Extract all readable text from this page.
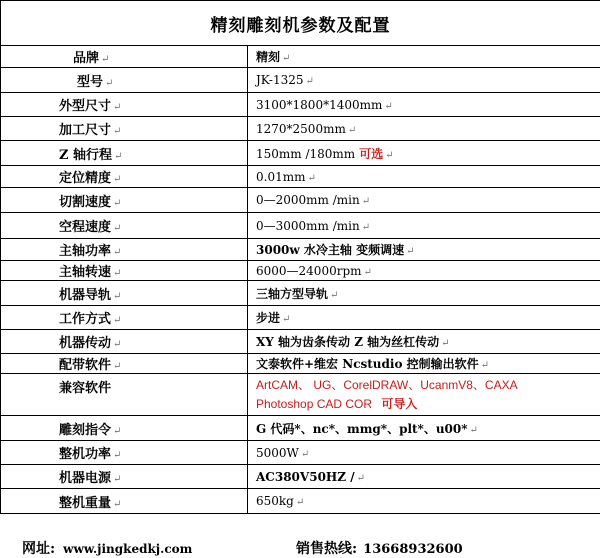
精刻雕刻机参数及配置	
品牌 ↵	精刻 ↵
型号 ↵	JK-1325 ↵
外型尺寸 ↵	3100*1800*1400mm ↵
加工尺寸 ↵	1270*2500mm ↵
Z 轴行程 ↵	150mm /180mm 可选 ↵
定位精度 ↵	0.01mm ↵
切割速度 ↵	0—2000mm /min ↵
空程速度 ↵	0—3000mm /min ↵
主轴功率 ↵	3000w 水冷主轴 变频调速 ↵
主轴转速 ↵	6000—24000rpm ↵
机器导轨 ↵	三轴方型导轨 ↵
工作方式 ↵	步进 ↵
机器传动 ↵	XY 轴为齿条传动 Z 轴为丝杠传动 ↵
配带软件 ↵	文泰软件+维宏 Ncstudio 控制输出软件 ↵
兼容软件	ArtCAM、 UG、CorelDRAW、UcanmV8、CAXA
Photoshop CAD COR 可导入

雕刻指令 ↵	G 代码*、nc*、mmg*、plt*、u00* ↵
整机功率 ↵	5000W ↵
机器电源 ↵	AC380V50HZ / ↵
整机重量 ↵	650kg ↵
网址: www.jingkedkj.com	销售热线: 13668932600
